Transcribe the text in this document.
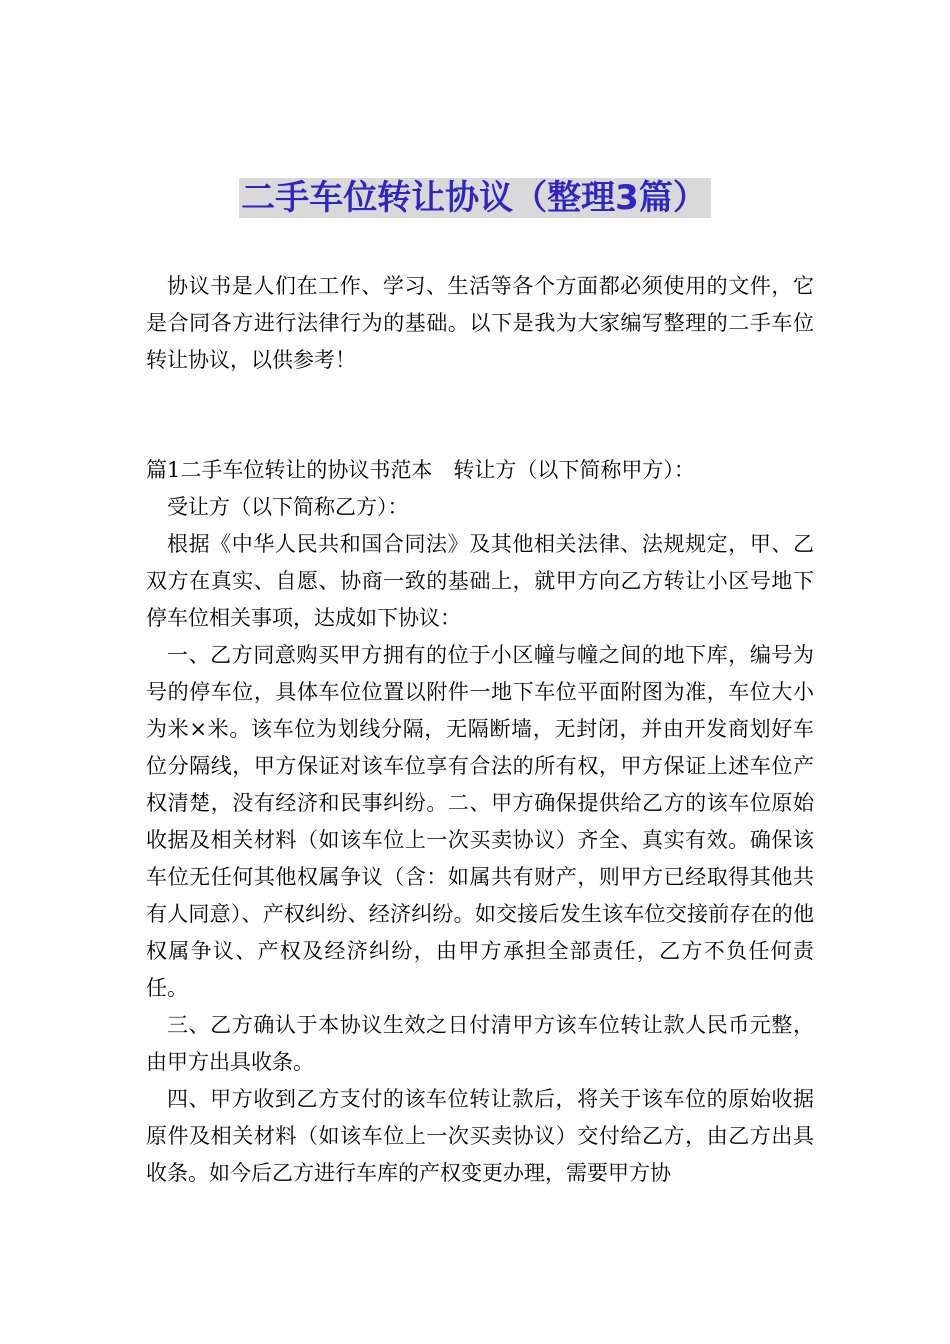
二手车位转让协议（整理3篇）

协议书是人们在工作、学习、生活等各个方面都必须使用的文件，它是合同各方进行法律行为的基础。以下是我为大家编写整理的二手车位转让协议，以供参考！

篇1二手车位转让的协议书范本　转让方（以下简称甲方）：

受让方（以下简称乙方）：

根据《中华人民共和国合同法》及其他相关法律、法规规定，甲、乙双方在真实、自愿、协商一致的基础上，就甲方向乙方转让小区号地下停车位相关事项，达成如下协议：

一、乙方同意购买甲方拥有的位于小区幢与幢之间的地下库，编号为号的停车位，具体车位位置以附件一地下车位平面附图为准，车位大小为米×米。该车位为划线分隔，无隔断墙，无封闭，并由开发商划好车位分隔线，甲方保证对该车位享有合法的所有权，甲方保证上述车位产权清楚，没有经济和民事纠纷。二、甲方确保提供给乙方的该车位原始收据及相关材料（如该车位上一次买卖协议）齐全、真实有效。确保该车位无任何其他权属争议（含：如属共有财产，则甲方已经取得其他共有人同意）、产权纠纷、经济纠纷。如交接后发生该车位交接前存在的他权属争议、产权及经济纠纷，由甲方承担全部责任，乙方不负任何责任。

三、乙方确认于本协议生效之日付清甲方该车位转让款人民币元整，由甲方出具收条。

四、甲方收到乙方支付的该车位转让款后，将关于该车位的原始收据原件及相关材料（如该车位上一次买卖协议）交付给乙方，由乙方出具收条。如今后乙方进行车库的产权变更办理，需要甲方协
